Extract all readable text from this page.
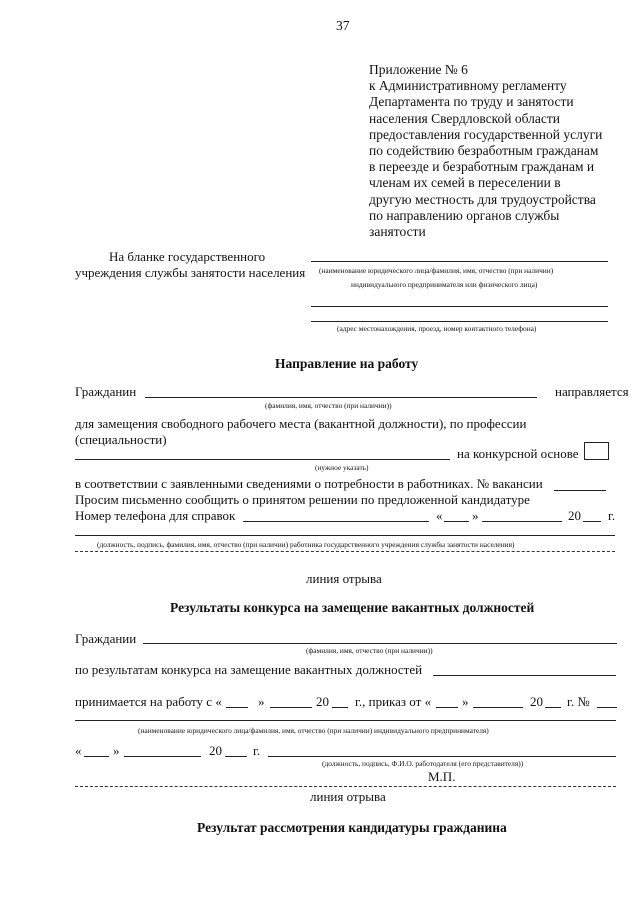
37
Приложение № 6
к Административному регламенту
Департамента по труду и занятости
населения Свердловской области
предоставления государственной услуги
по содействию безработным гражданам
в переезде и безработным гражданам и
членам их семей в переселении в
другую местность для трудоустройства
по направлению органов службы
занятости
На бланке государственного
учреждения службы занятости населения (наименование юридического лица/фамилия, имя, отчество (при наличии)
индивидуального предпринимателя или физического лица)
(адрес местонахождения, проезд, номер контактного телефона)
Направление на работу
Гражданин	направляется
(фамилия, имя, отчество (при наличии))
для замещения свободного рабочего места (вакантной должности), по профессии
(специальности)
на конкурсной основе
(нужное указать)
в соответствии с заявленными сведениями о потребности в работниках. № вакансии
Просим письменно сообщить о принятом решении по предложенной кандидатуре
Номер телефона для справок	« »	20 г.
(должность, подпись, фамилия, имя, отчество (при наличии) работника государственного учреждения службы занятости населения)
линия отрыва
Результаты конкурса на замещение вакантных должностей
Граждании
(фамилия, имя, отчество (при наличии))
по результатам конкурса на замещение вакантных должностей
принимается на работу с «	»	20 г., приказ от « »	20 г. №
(наименование юридического лица/фамилия, имя, отчество (при наличии) индивидуального предпринимателя)
« »	20 г.
(должность, подпись, Ф.И.О. работодателя (его представителя))
М.П.
линия отрыва
Результат рассмотрения кандидатуры гражданина
